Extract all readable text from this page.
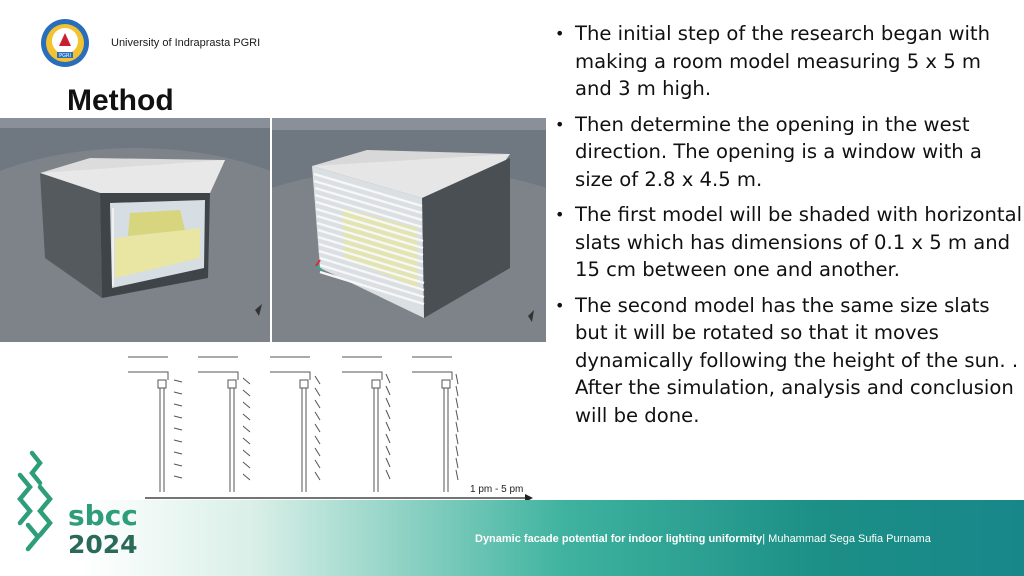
PGRI
University of Indraprasta PGRI
Method
• The initial step of the research began with making a room model measuring 5 x 5 m and 3 m high.
• Then determine the opening in the west direction. The opening is a window with a size of 2.8 x 4.5 m.
• The first model will be shaded with horizontal slats which has dimensions of 0.1 x 5 m and 15 cm between one and another.
• The second model has the same size slats but it will be rotated so that it moves dynamically following the height of the sun. . After the simulation, analysis and conclusion will be done.
1 pm - 5 pm
sbcc
2024	Dynamic facade potential for indoor lighting uniformity| Muhammad Sega Sufia Purnama
